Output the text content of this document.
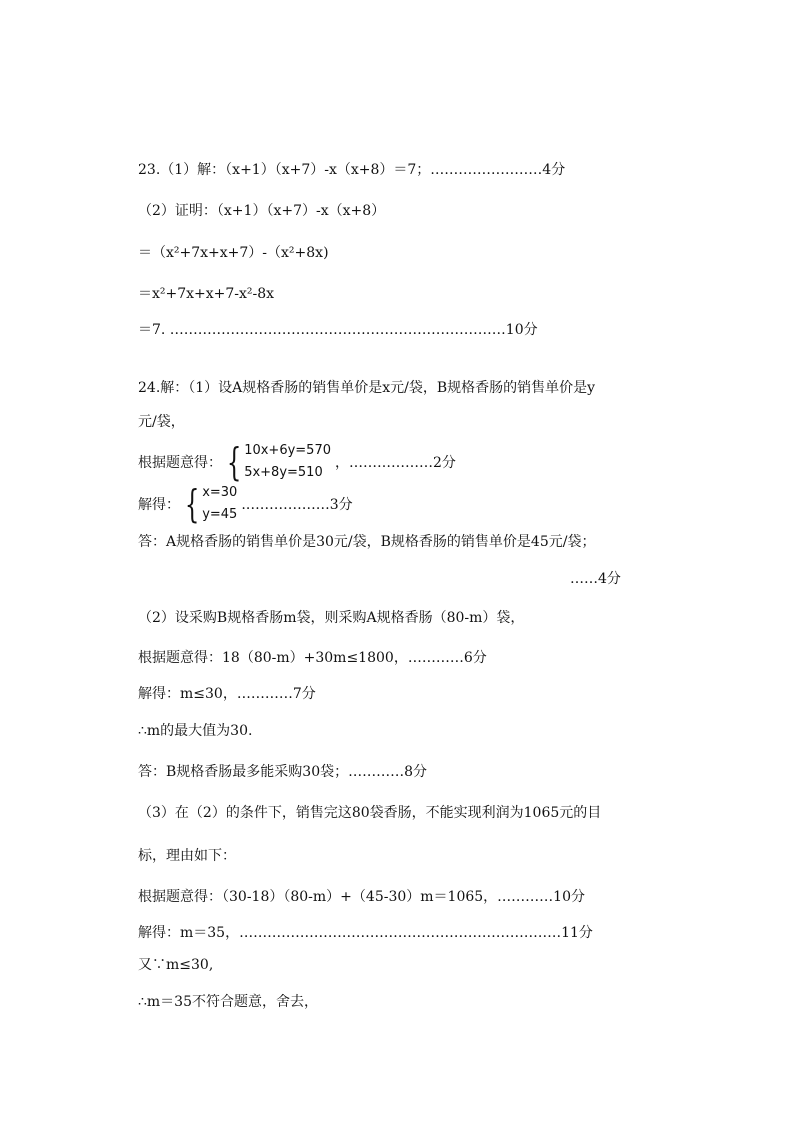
23.（1）解：（x+1）（x+7）-x（x+8）＝7；……………………4分
（2）证明：（x+1）（x+7）-x（x+8）
＝（x²+7x+x+7）-（x²+8x)
＝x²+7x+x+7-x²-8x
＝7. ………………………………………………………………10分
24.解：（1）设A规格香肠的销售单价是x元/袋，B规格香肠的销售单价是y
元/袋，
根据题意得： { 10x+6y=570
5x+8y=510
，………………2分
解得： { x=30
y=45
.………………3分
答：A规格香肠的销售单价是30元/袋，B规格香肠的销售单价是45元/袋；
……4分
（2）设采购B规格香肠m袋，则采购A规格香肠（80-m）袋，
根据题意得：18（80-m）+30m≤1800，…………6分
解得：m≤30，…………7分
∴m的最大值为30.
答：B规格香肠最多能采购30袋；…………8分
（3）在（2）的条件下，销售完这80袋香肠，不能实现利润为1065元的目
标，理由如下：
根据题意得：（30-18）（80-m）+（45-30）m＝1065，…………10分
解得：m＝35，……………………………………………………………11分
又∵m≤30,
∴m＝35不符合题意，舍去，
